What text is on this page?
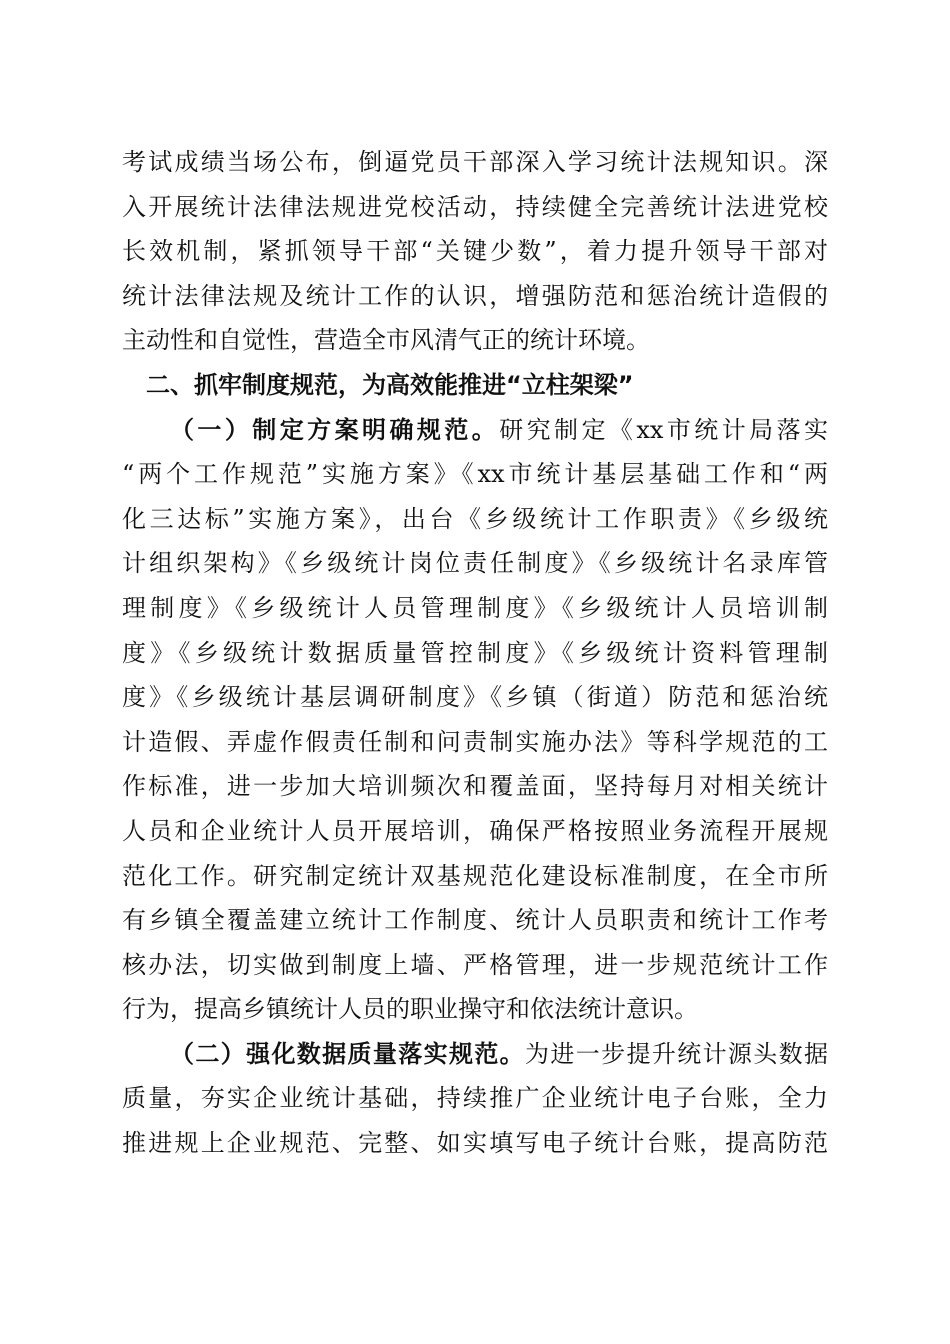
考试成绩当场公布，倒逼党员干部深入学习统计法规知识。深
入开展统计法律法规进党校活动，持续健全完善统计法进党校
长效机制，紧抓领导干部“关键少数”，着力提升领导干部对
统计法律法规及统计工作的认识，增强防范和惩治统计造假的
主动性和自觉性，营造全市风清气正的统计环境。
二、抓牢制度规范，为高效能推进“立柱架梁”
（一）制定方案明确规范。研究制定《xx市统计局落实
“两个工作规范”实施方案》《xx市统计基层基础工作和“两
化三达标”实施方案》，出台《乡级统计工作职责》《乡级统
计组织架构》《乡级统计岗位责任制度》《乡级统计名录库管
理制度》《乡级统计人员管理制度》《乡级统计人员培训制
度》《乡级统计数据质量管控制度》《乡级统计资料管理制
度》《乡级统计基层调研制度》《乡镇（街道）防范和惩治统
计造假、弄虚作假责任制和问责制实施办法》等科学规范的工
作标准，进一步加大培训频次和覆盖面，坚持每月对相关统计
人员和企业统计人员开展培训，确保严格按照业务流程开展规
范化工作。研究制定统计双基规范化建设标准制度，在全市所
有乡镇全覆盖建立统计工作制度、统计人员职责和统计工作考
核办法，切实做到制度上墙、严格管理，进一步规范统计工作
行为，提高乡镇统计人员的职业操守和依法统计意识。
（二）强化数据质量落实规范。为进一步提升统计源头数据
质量，夯实企业统计基础，持续推广企业统计电子台账，全力
推进规上企业规范、完整、如实填写电子统计台账，提高防范
